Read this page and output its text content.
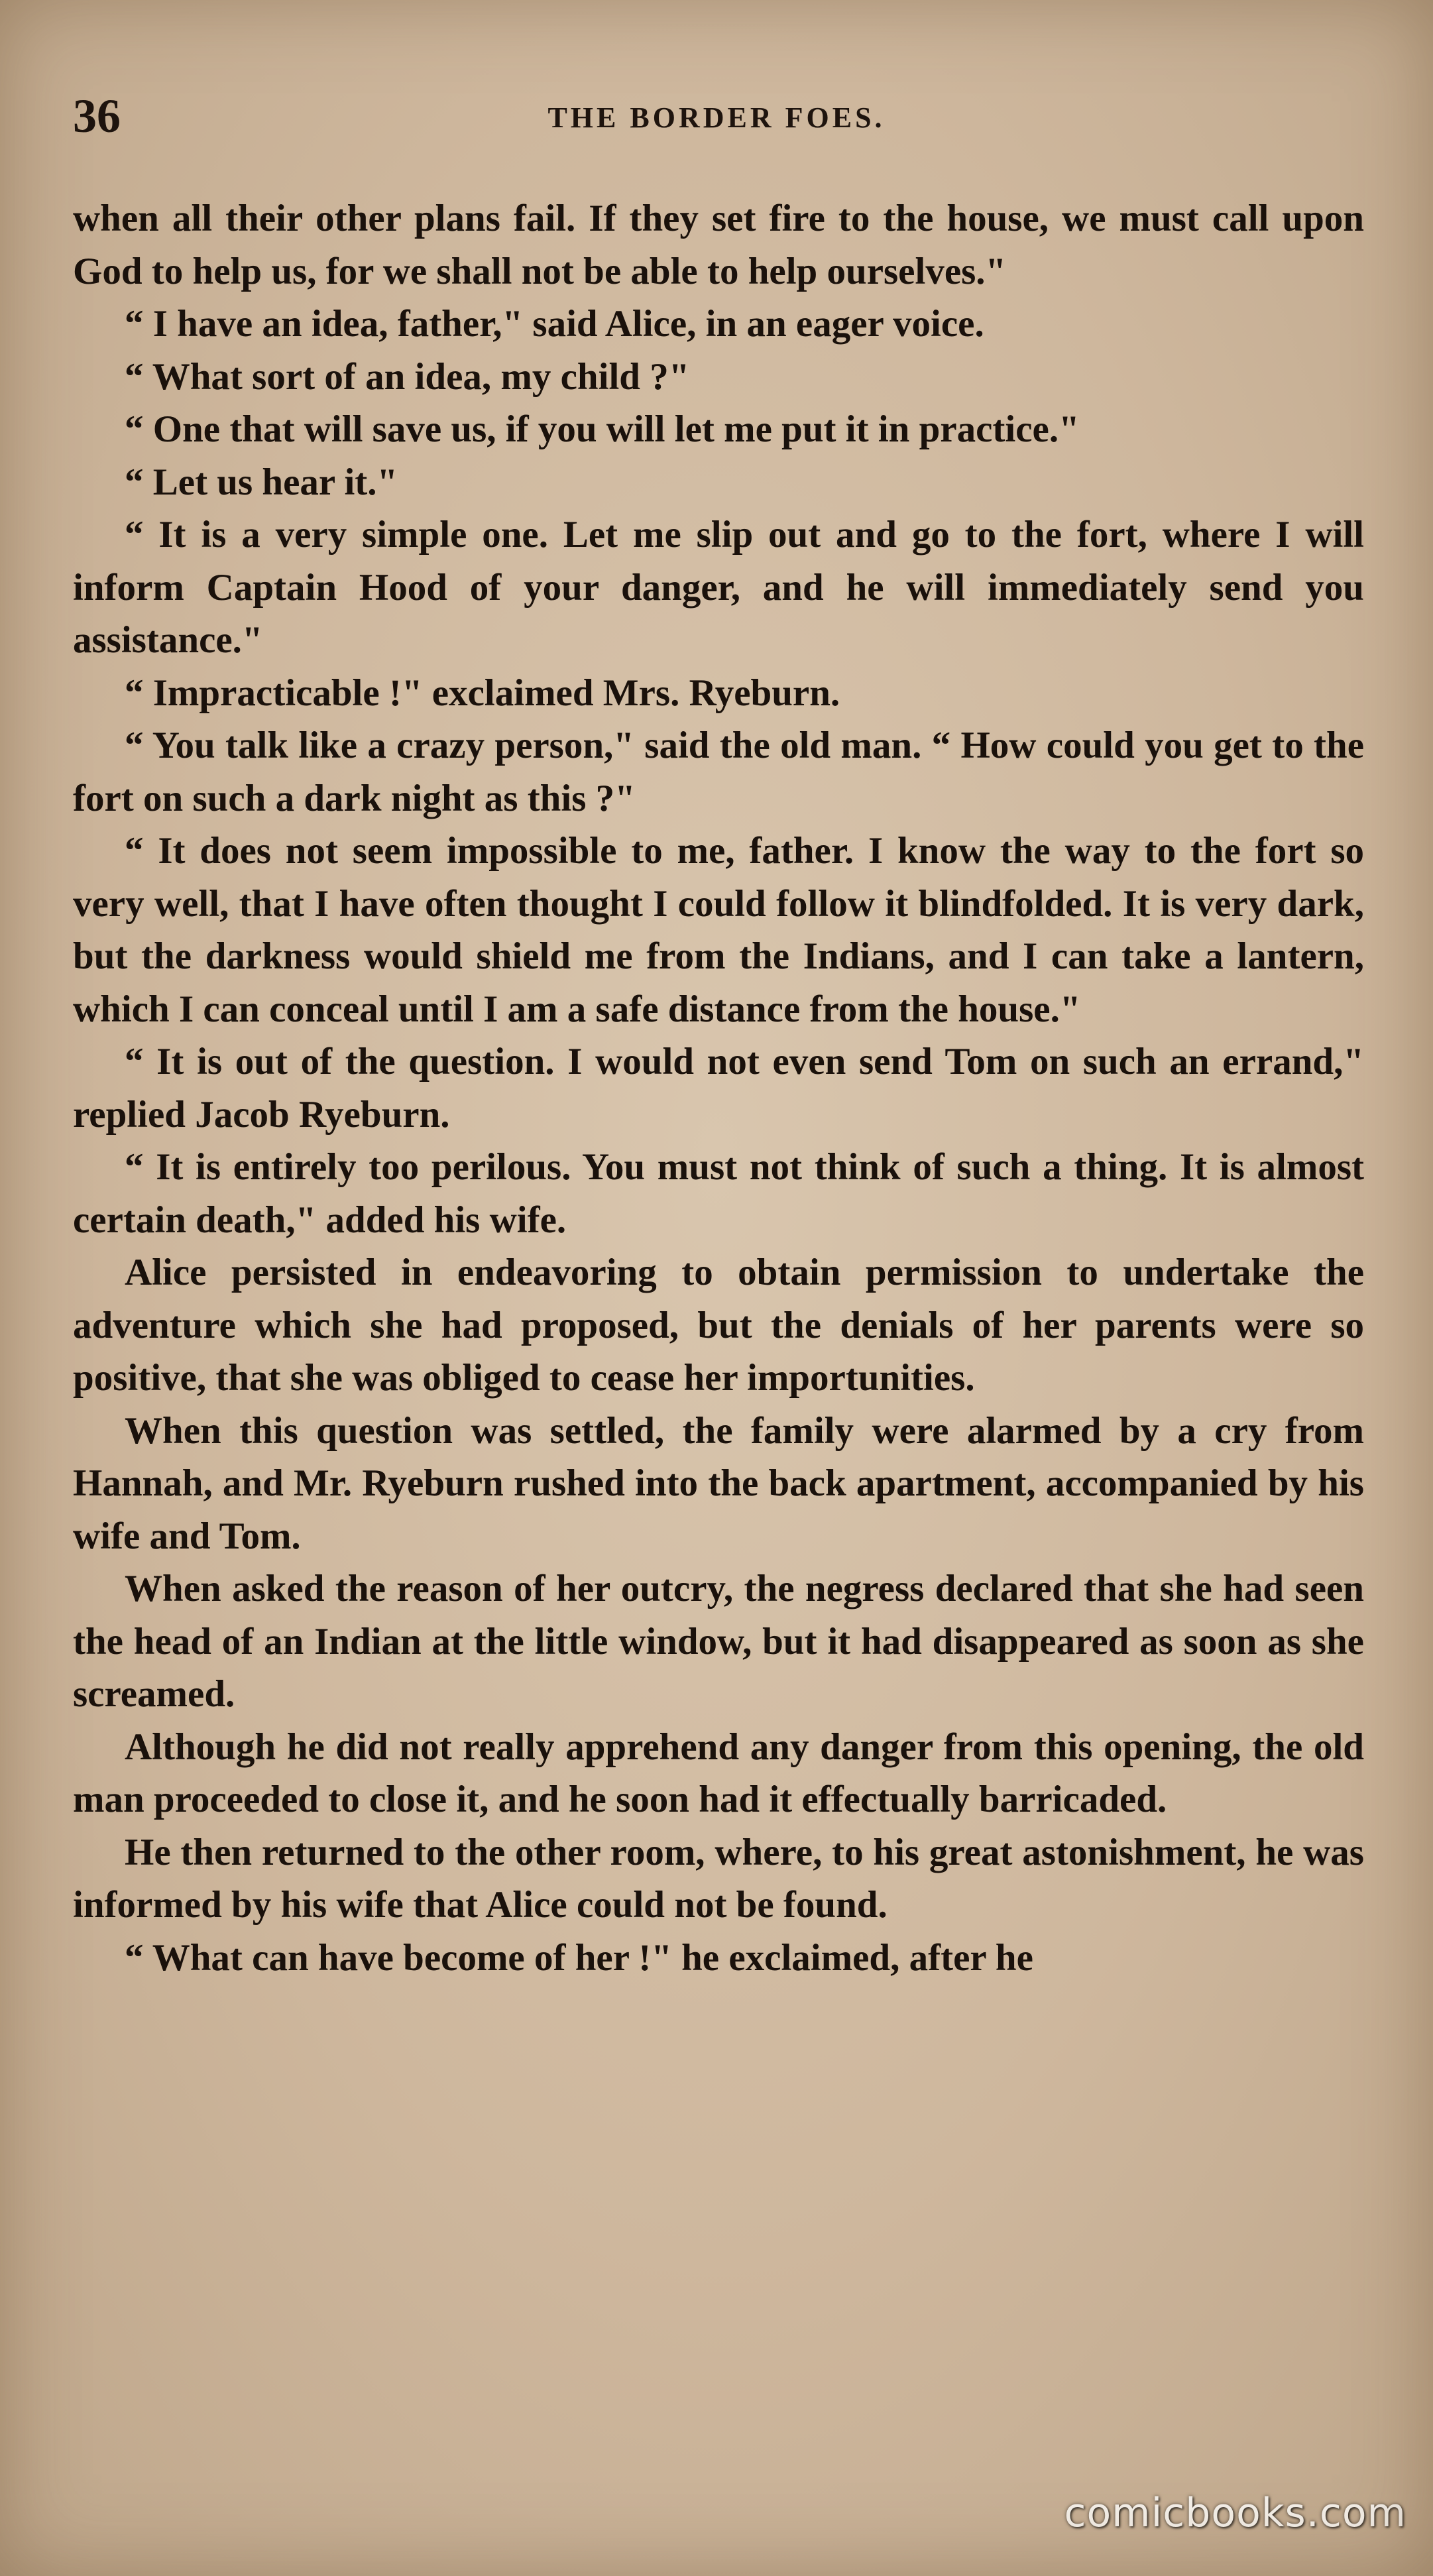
36	THE BORDER FOES.

when all their other plans fail. If they set fire to the house, we must call upon God to help us, for we shall not be able to help ourselves."

“ I have an idea, father," said Alice, in an eager voice.

“ What sort of an idea, my child ?"

“ One that will save us, if you will let me put it in practice."

“ Let us hear it."

“ It is a very simple one. Let me slip out and go to the fort, where I will inform Captain Hood of your danger, and he will immediately send you assistance."

“ Impracticable !" exclaimed Mrs. Ryeburn.

“ You talk like a crazy person," said the old man. “ How could you get to the fort on such a dark night as this ?"

“ It does not seem impossible to me, father. I know the way to the fort so very well, that I have often thought I could follow it blindfolded. It is very dark, but the darkness would shield me from the Indians, and I can take a lantern, which I can conceal until I am a safe distance from the house."

“ It is out of the question. I would not even send Tom on such an errand," replied Jacob Ryeburn.

“ It is entirely too perilous. You must not think of such a thing. It is almost certain death," added his wife.

Alice persisted in endeavoring to obtain permission to undertake the adventure which she had proposed, but the denials of her parents were so positive, that she was obliged to cease her importunities.

When this question was settled, the family were alarmed by a cry from Hannah, and Mr. Ryeburn rushed into the back apartment, accompanied by his wife and Tom.

When asked the reason of her outcry, the negress declared that she had seen the head of an Indian at the little window, but it had disappeared as soon as she screamed.

Although he did not really apprehend any danger from this opening, the old man proceeded to close it, and he soon had it effectually barricaded.

He then returned to the other room, where, to his great astonishment, he was informed by his wife that Alice could not be found.

“ What can have become of her !" he exclaimed, after he

comicbooks.com
